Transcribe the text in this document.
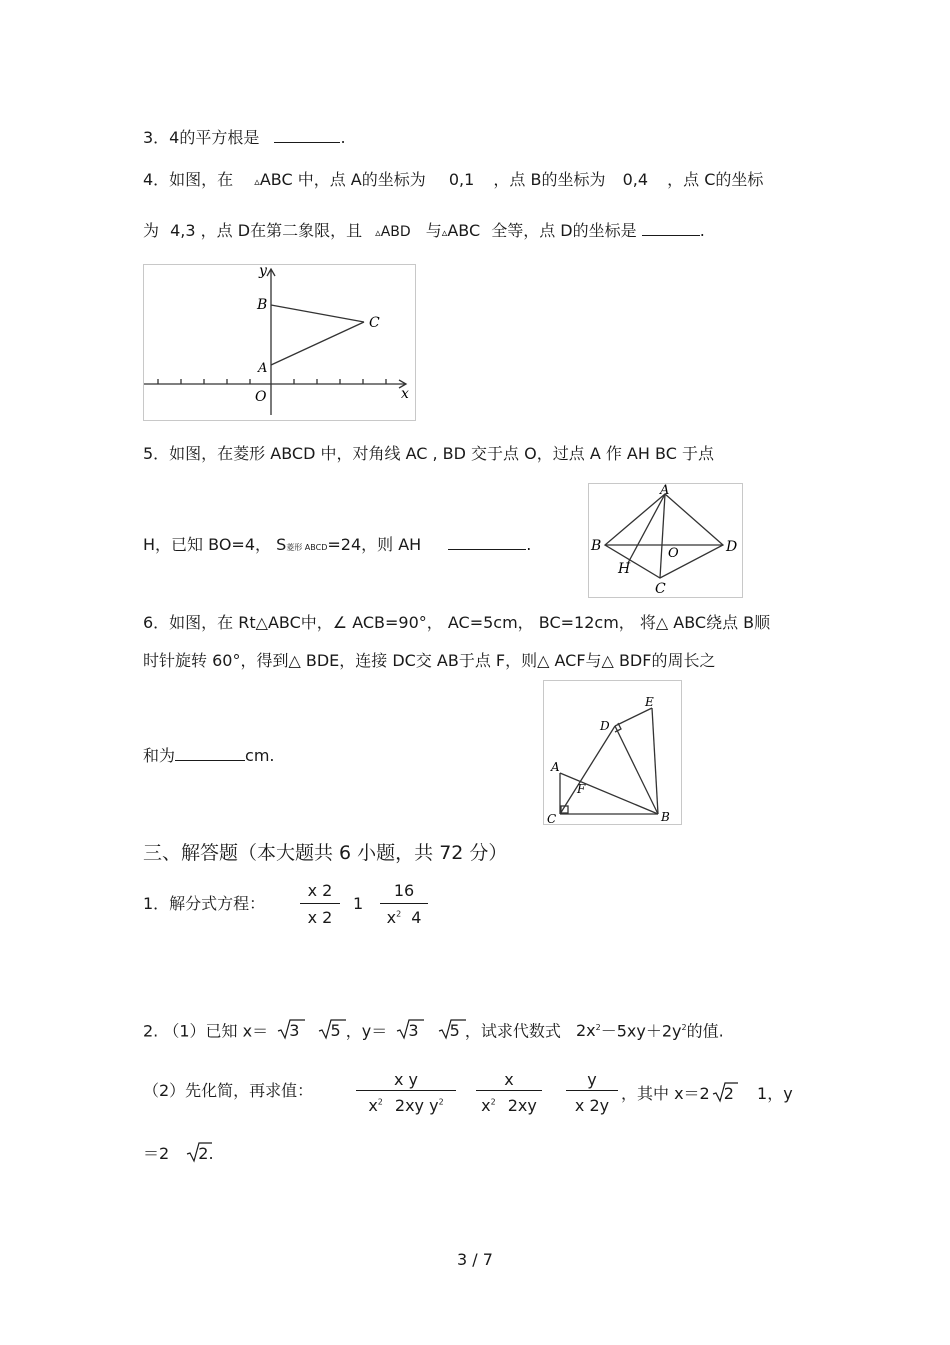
3．4的平方根是	.
4．如图，在 ▵ABC 中，点 A的坐标为 0,1 ，点 B的坐标为 0,4 ，点 C的坐标
为 4,3 ，点 D在第二象限，且 ▵ABD 与▵ABC 全等，点 D的坐标是	.
y
x
B
C
A
O
5．如图，在菱形 ABCD 中，对角线 AC , BD 交于点 O，过点 A 作 AH BC 于点
H，已知 BO=4， S菱形 ABCD=24，则 AH	.
A
B
C
D
H
O
6．如图，在 Rt△ABC中，∠ ACB=90°， AC=5cm， BC=12cm， 将△ ABC绕点 B顺
时针旋转 60°，得到△ BDE，连接 DC交 AB于点 F，则△ ACF与△ BDF的周长之
和为	cm.
E
D
A
F
C	B
三、解答题（本大题共 6 小题，共 72 分）
1．解分式方程：
x 2
x 2
1
16
$x^2$ 4
2. （1）已知 x＝ 3 5 ，y＝ 3 5 ，试求代数式 $2x^2-5xy+2y^2$的值.
（2）先化简，再求值：
x y
$x^2$ 2xy $y^2$
x
$x^2$ 2xy
y
x 2y
，其中 x＝2 2 1，y
＝2 2.
3 / 7
